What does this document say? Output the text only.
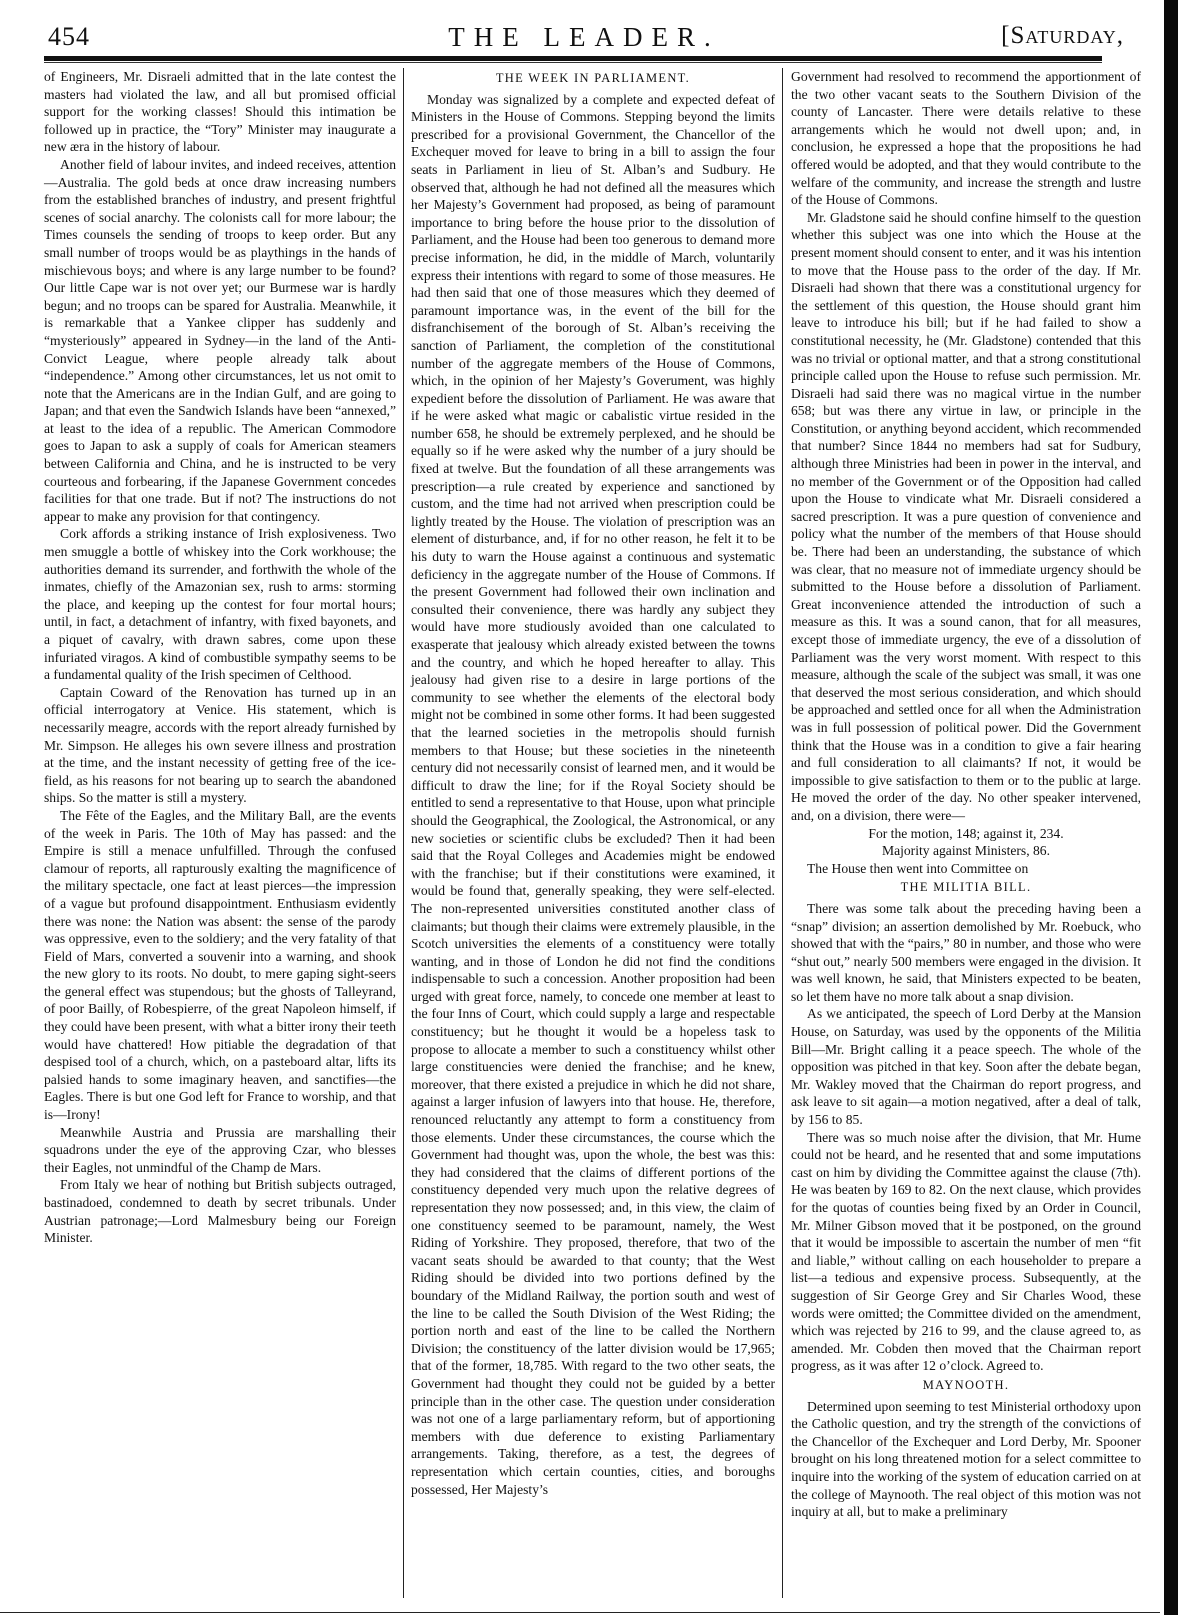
454	THE LEADER.	[Saturday,

of Engineers, Mr. Disraeli admitted that in the late contest the masters had violated the law, and all but promised official support for the working classes! Should this intimation be followed up in practice, the “Tory” Minister may inaugurate a new æra in the history of labour.

Another field of labour invites, and indeed receives, attention—Australia. The gold beds at once draw increasing numbers from the established branches of industry, and present frightful scenes of social anarchy. The colonists call for more labour; the Times counsels the sending of troops to keep order. But any small number of troops would be as playthings in the hands of mischievous boys; and where is any large number to be found? Our little Cape war is not over yet; our Burmese war is hardly begun; and no troops can be spared for Australia. Meanwhile, it is remarkable that a Yankee clipper has suddenly and “mysteriously” appeared in Sydney—in the land of the Anti-Convict League, where people already talk about “independence.” Among other circumstances, let us not omit to note that the Americans are in the Indian Gulf, and are going to Japan; and that even the Sandwich Islands have been “annexed,” at least to the idea of a republic. The American Commodore goes to Japan to ask a supply of coals for American steamers between California and China, and he is instructed to be very courteous and forbearing, if the Japanese Government concedes facilities for that one trade. But if not? The instructions do not appear to make any provision for that contingency.

Cork affords a striking instance of Irish explosiveness. Two men smuggle a bottle of whiskey into the Cork workhouse; the authorities demand its surrender, and forthwith the whole of the inmates, chiefly of the Amazonian sex, rush to arms: storming the place, and keeping up the contest for four mortal hours; until, in fact, a detachment of infantry, with fixed bayonets, and a piquet of cavalry, with drawn sabres, come upon these infuriated viragos. A kind of combustible sympathy seems to be a fundamental quality of the Irish specimen of Celthood.

Captain Coward of the Renovation has turned up in an official interrogatory at Venice. His statement, which is necessarily meagre, accords with the report already furnished by Mr. Simpson. He alleges his own severe illness and prostration at the time, and the instant necessity of getting free of the ice-field, as his reasons for not bearing up to search the abandoned ships. So the matter is still a mystery.

The Fête of the Eagles, and the Military Ball, are the events of the week in Paris. The 10th of May has passed: and the Empire is still a menace unfulfilled. Through the confused clamour of reports, all rapturously exalting the magnificence of the military spectacle, one fact at least pierces—the impression of a vague but profound disappointment. Enthusiasm evidently there was none: the Nation was absent: the sense of the parody was oppressive, even to the soldiery; and the very fatality of that Field of Mars, converted a souvenir into a warning, and shook the new glory to its roots. No doubt, to mere gaping sight-seers the general effect was stupendous; but the ghosts of Talleyrand, of poor Bailly, of Robespierre, of the great Napoleon himself, if they could have been present, with what a bitter irony their teeth would have chattered! How pitiable the degradation of that despised tool of a church, which, on a pasteboard altar, lifts its palsied hands to some imaginary heaven, and sanctifies—the Eagles. There is but one God left for France to worship, and that is—Irony!

Meanwhile Austria and Prussia are marshalling their squadrons under the eye of the approving Czar, who blesses their Eagles, not unmindful of the Champ de Mars.

From Italy we hear of nothing but British subjects outraged, bastinadoed, condemned to death by secret tribunals. Under Austrian patronage;—Lord Malmesbury being our Foreign Minister.

THE WEEK IN PARLIAMENT.

Monday was signalized by a complete and expected defeat of Ministers in the House of Commons. Stepping beyond the limits prescribed for a provisional Government, the Chancellor of the Exchequer moved for leave to bring in a bill to assign the four seats in Parliament in lieu of St. Alban’s and Sudbury. He observed that, although he had not defined all the measures which her Majesty’s Government had proposed, as being of paramount importance to bring before the house prior to the dissolution of Parliament, and the House had been too generous to demand more precise information, he did, in the middle of March, voluntarily express their intentions with regard to some of those measures. He had then said that one of those measures which they deemed of paramount importance was, in the event of the bill for the disfranchisement of the borough of St. Alban’s receiving the sanction of Parliament, the completion of the constitutional number of the aggregate members of the House of Commons, which, in the opinion of her Majesty’s Goverument, was highly expedient before the dissolution of Parliament. He was aware that if he were asked what magic or cabalistic virtue resided in the number 658, he should be extremely perplexed, and he should be equally so if he were asked why the number of a jury should be fixed at twelve. But the foundation of all these arrangements was prescription—a rule created by experience and sanctioned by custom, and the time had not arrived when prescription could be lightly treated by the House. The violation of prescription was an element of disturbance, and, if for no other reason, he felt it to be his duty to warn the House against a continuous and systematic deficiency in the aggregate number of the House of Commons. If the present Government had followed their own inclination and consulted their convenience, there was hardly any subject they would have more studiously avoided than one calculated to exasperate that jealousy which already existed between the towns and the country, and which he hoped hereafter to allay. This jealousy had given rise to a desire in large portions of the community to see whether the elements of the electoral body might not be combined in some other forms. It had been suggested that the learned societies in the metropolis should furnish members to that House; but these societies in the nineteenth century did not necessarily consist of learned men, and it would be difficult to draw the line; for if the Royal Society should be entitled to send a representative to that House, upon what principle should the Geographical, the Zoological, the Astronomical, or any new societies or scientific clubs be excluded? Then it had been said that the Royal Colleges and Academies might be endowed with the franchise; but if their constitutions were examined, it would be found that, generally speaking, they were self-elected. The non-represented universities constituted another class of claimants; but though their claims were extremely plausible, in the Scotch universities the elements of a constituency were totally wanting, and in those of London he did not find the conditions indispensable to such a concession. Another proposition had been urged with great force, namely, to concede one member at least to the four Inns of Court, which could supply a large and respectable constituency; but he thought it would be a hopeless task to propose to allocate a member to such a constituency whilst other large constituencies were denied the franchise; and he knew, moreover, that there existed a prejudice in which he did not share, against a larger infusion of lawyers into that house. He, therefore, renounced reluctantly any attempt to form a constituency from those elements. Under these circumstances, the course which the Government had thought was, upon the whole, the best was this: they had considered that the claims of different portions of the constituency depended very much upon the relative degrees of representation they now possessed; and, in this view, the claim of one constituency seemed to be paramount, namely, the West Riding of Yorkshire. They proposed, therefore, that two of the vacant seats should be awarded to that county; that the West Riding should be divided into two portions defined by the boundary of the Midland Railway, the portion south and west of the line to be called the South Division of the West Riding; the portion north and east of the line to be called the Northern Division; the constituency of the latter division would be 17,965; that of the former, 18,785. With regard to the two other seats, the Government had thought they could not be guided by a better principle than in the other case. The question under consideration was not one of a large parliamentary reform, but of apportioning members with due deference to existing Parliamentary arrangements. Taking, therefore, as a test, the degrees of representation which certain counties, cities, and boroughs possessed, Her Majesty’s

Government had resolved to recommend the apportionment of the two other vacant seats to the Southern Division of the county of Lancaster. There were details relative to these arrangements which he would not dwell upon; and, in conclusion, he expressed a hope that the propositions he had offered would be adopted, and that they would contribute to the welfare of the community, and increase the strength and lustre of the House of Commons.

Mr. Gladstone said he should confine himself to the question whether this subject was one into which the House at the present moment should consent to enter, and it was his intention to move that the House pass to the order of the day. If Mr. Disraeli had shown that there was a constitutional urgency for the settlement of this question, the House should grant him leave to introduce his bill; but if he had failed to show a constitutional necessity, he (Mr. Gladstone) contended that this was no trivial or optional matter, and that a strong constitutional principle called upon the House to refuse such permission. Mr. Disraeli had said there was no magical virtue in the number 658; but was there any virtue in law, or principle in the Constitution, or anything beyond accident, which recommended that number? Since 1844 no members had sat for Sudbury, although three Ministries had been in power in the interval, and no member of the Government or of the Opposition had called upon the House to vindicate what Mr. Disraeli considered a sacred prescription. It was a pure question of convenience and policy what the number of the members of that House should be. There had been an understanding, the substance of which was clear, that no measure not of immediate urgency should be submitted to the House before a dissolution of Parliament. Great inconvenience attended the introduction of such a measure as this. It was a sound canon, that for all measures, except those of immediate urgency, the eve of a dissolution of Parliament was the very worst moment. With respect to this measure, although the scale of the subject was small, it was one that deserved the most serious consideration, and which should be approached and settled once for all when the Administration was in full possession of political power. Did the Government think that the House was in a condition to give a fair hearing and full consideration to all claimants? If not, it would be impossible to give satisfaction to them or to the public at large. He moved the order of the day. No other speaker intervened, and, on a division, there were—

For the motion, 148; against it, 234.

Majority against Ministers, 86.

The House then went into Committee on

THE MILITIA BILL.

There was some talk about the preceding having been a “snap” division; an assertion demolished by Mr. Roebuck, who showed that with the “pairs,” 80 in number, and those who were “shut out,” nearly 500 members were engaged in the division. It was well known, he said, that Ministers expected to be beaten, so let them have no more talk about a snap division.

As we anticipated, the speech of Lord Derby at the Mansion House, on Saturday, was used by the opponents of the Militia Bill—Mr. Bright calling it a peace speech. The whole of the opposition was pitched in that key. Soon after the debate began, Mr. Wakley moved that the Chairman do report progress, and ask leave to sit again—a motion negatived, after a deal of talk, by 156 to 85.

There was so much noise after the division, that Mr. Hume could not be heard, and he resented that and some imputations cast on him by dividing the Committee against the clause (7th). He was beaten by 169 to 82. On the next clause, which provides for the quotas of counties being fixed by an Order in Council, Mr. Milner Gibson moved that it be postponed, on the ground that it would be impossible to ascertain the number of men “fit and liable,” without calling on each householder to prepare a list—a tedious and expensive process. Subsequently, at the suggestion of Sir George Grey and Sir Charles Wood, these words were omitted; the Committee divided on the amendment, which was rejected by 216 to 99, and the clause agreed to, as amended. Mr. Cobden then moved that the Chairman report progress, as it was after 12 o’clock. Agreed to.

MAYNOOTH.

Determined upon seeming to test Ministerial orthodoxy upon the Catholic question, and try the strength of the convictions of the Chancellor of the Exchequer and Lord Derby, Mr. Spooner brought on his long threatened motion for a select committee to inquire into the working of the system of education carried on at the college of Maynooth. The real object of this motion was not inquiry at all, but to make a preliminary
